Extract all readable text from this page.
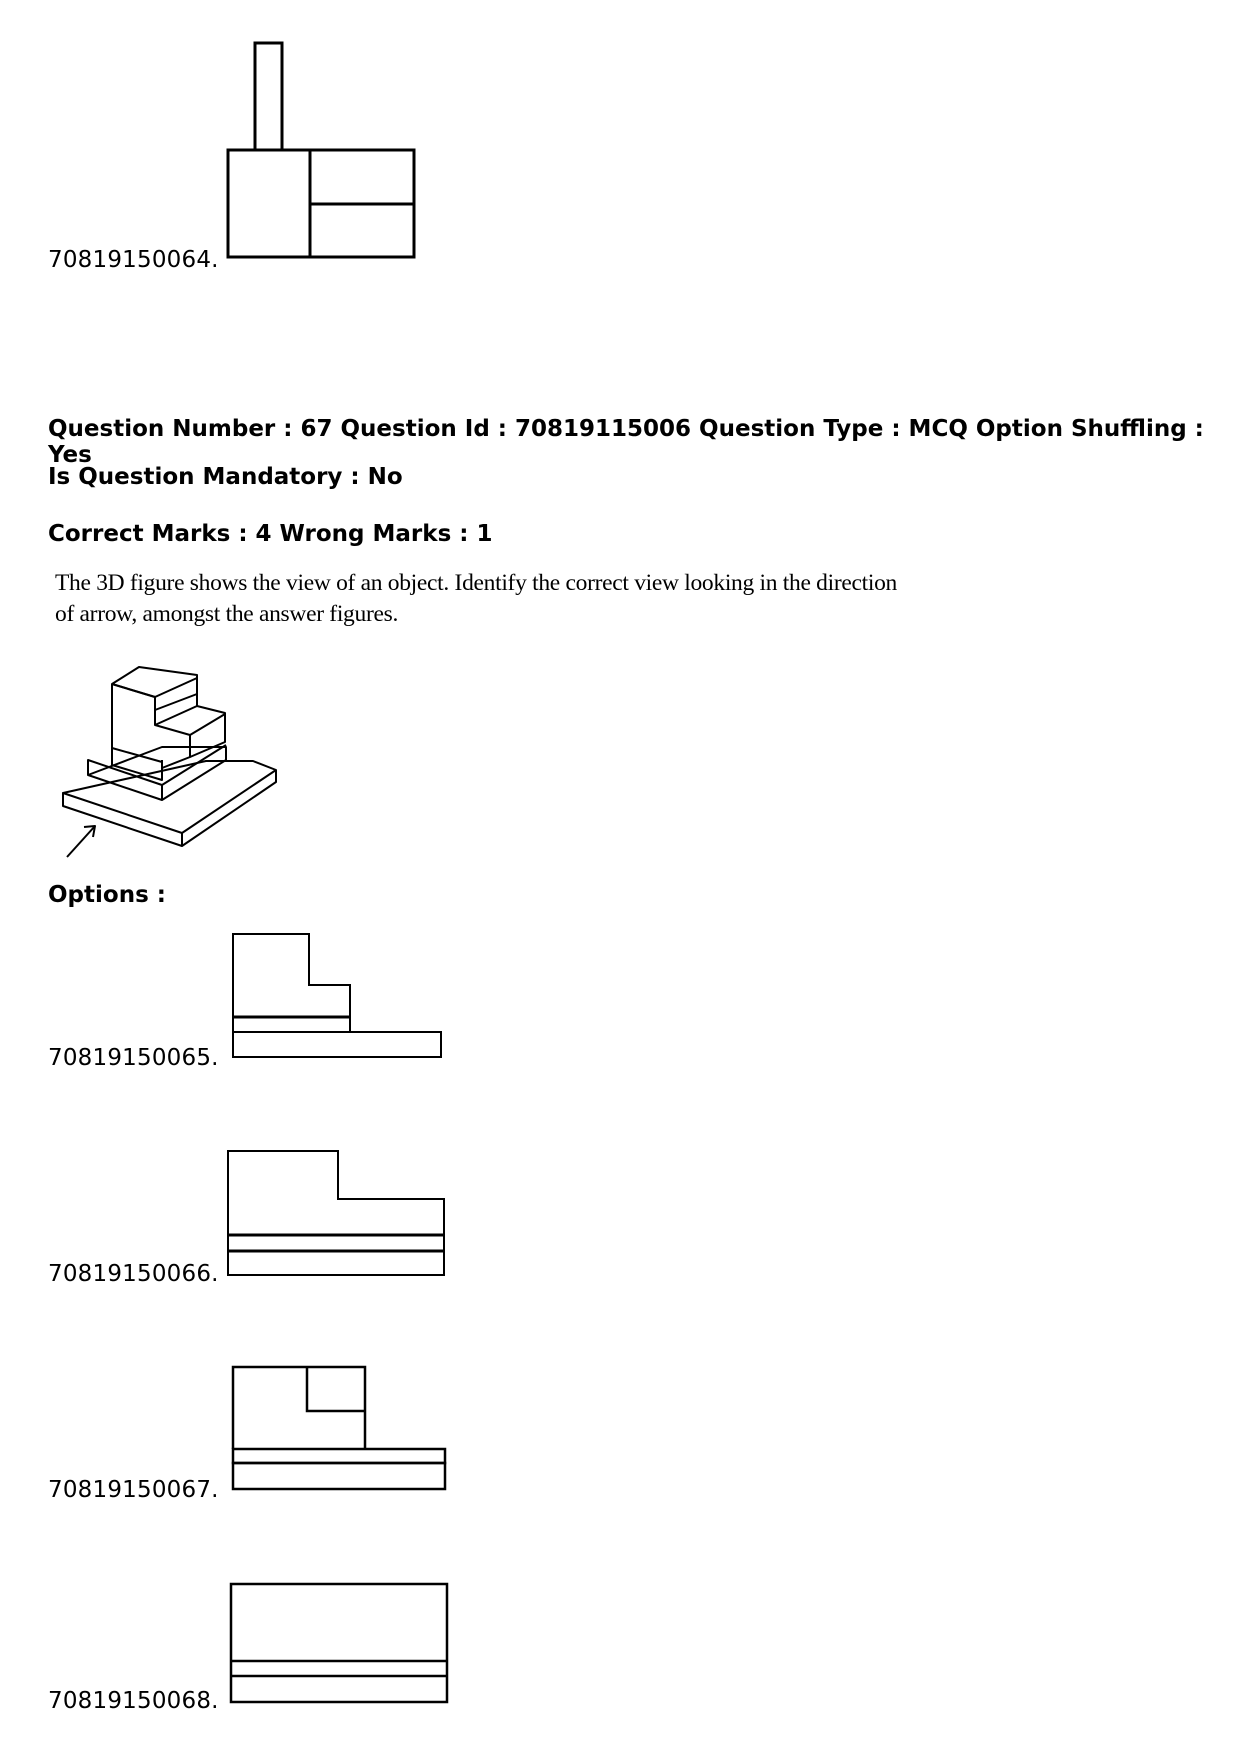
70819150064.
Question Number : 67 Question Id : 70819115006 Question Type : MCQ Option Shuffling : Yes
Is Question Mandatory : No
Correct Marks : 4 Wrong Marks : 1
The 3D figure shows the view of an object. Identify the correct view looking in the direction
of arrow, amongst the answer figures.
Options :
70819150065.
70819150066.
70819150067.
70819150068.
